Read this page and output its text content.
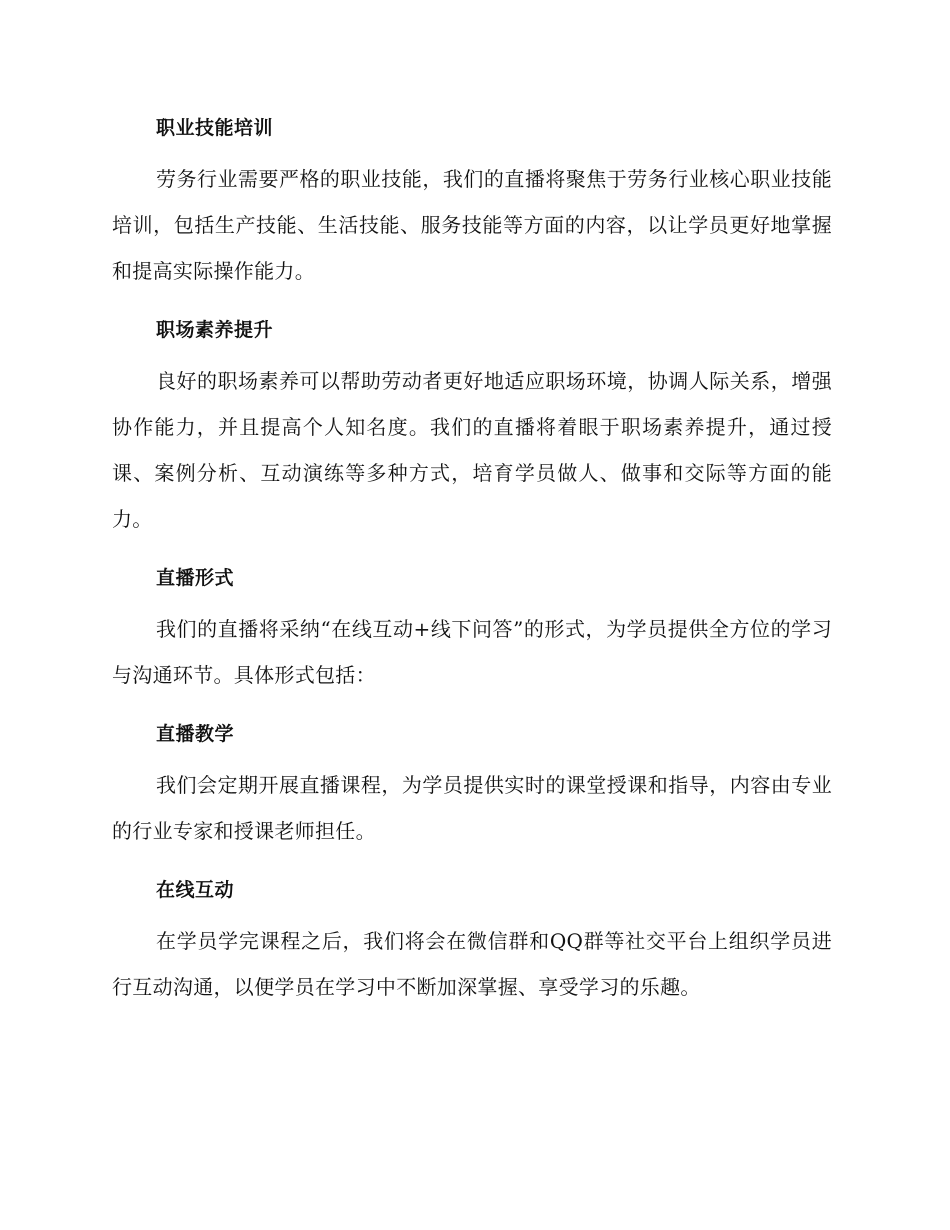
职业技能培训

劳务行业需要严格的职业技能，我们的直播将聚焦于劳务行业核心职业技能培训，包括生产技能、生活技能、服务技能等方面的内容，以让学员更好地掌握和提高实际操作能力。

职场素养提升

良好的职场素养可以帮助劳动者更好地适应职场环境，协调人际关系，增强协作能力，并且提高个人知名度。我们的直播将着眼于职场素养提升，通过授课、案例分析、互动演练等多种方式，培育学员做人、做事和交际等方面的能力。

直播形式

我们的直播将采纳“在线互动+线下问答”的形式，为学员提供全方位的学习与沟通环节。具体形式包括：

直播教学

我们会定期开展直播课程，为学员提供实时的课堂授课和指导，内容由专业的行业专家和授课老师担任。

在线互动

在学员学完课程之后，我们将会在微信群和QQ群等社交平台上组织学员进行互动沟通，以便学员在学习中不断加深掌握、享受学习的乐趣。
